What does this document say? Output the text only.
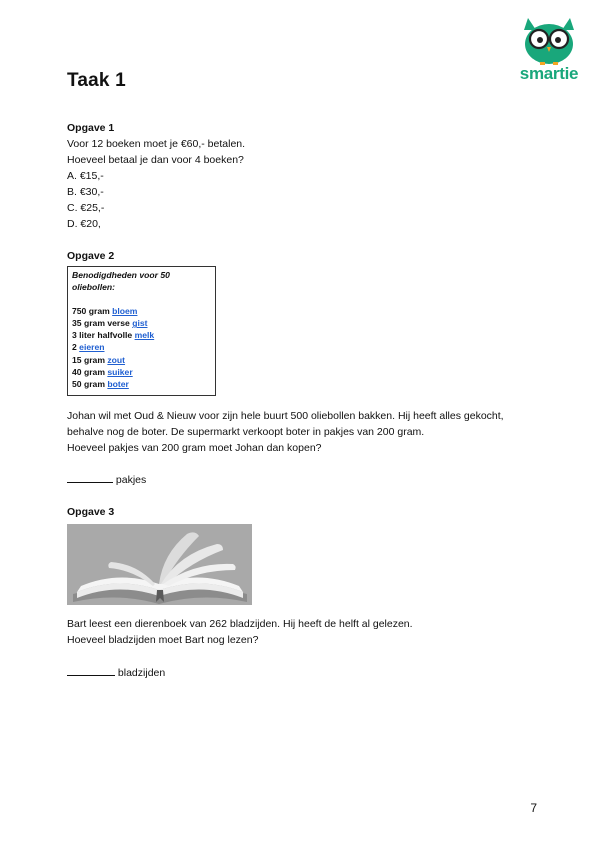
Taak 1	smartie
Opgave 1
Voor 12 boeken moet je €60,- betalen.
Hoeveel betaal je dan voor 4 boeken?
A. €15,-
B. €30,-
C. €25,-
D. €20,
Opgave 2
Benodigdheden voor 50
oliebollen:
750 gram bloem
35 gram verse gist
3 liter halfvolle melk
2 eieren
15 gram zout
40 gram suiker
50 gram boter
Johan wil met Oud & Nieuw voor zijn hele buurt 500 oliebollen bakken. Hij heeft alles gekocht,
behalve nog de boter. De supermarkt verkoopt boter in pakjes van 200 gram.
Hoeveel pakjes van 200 gram moet Johan dan kopen?
pakjes
Opgave 3
Bart leest een dierenboek van 262 bladzijden. Hij heeft de helft al gelezen.
Hoeveel bladzijden moet Bart nog lezen?
bladzijden
7
